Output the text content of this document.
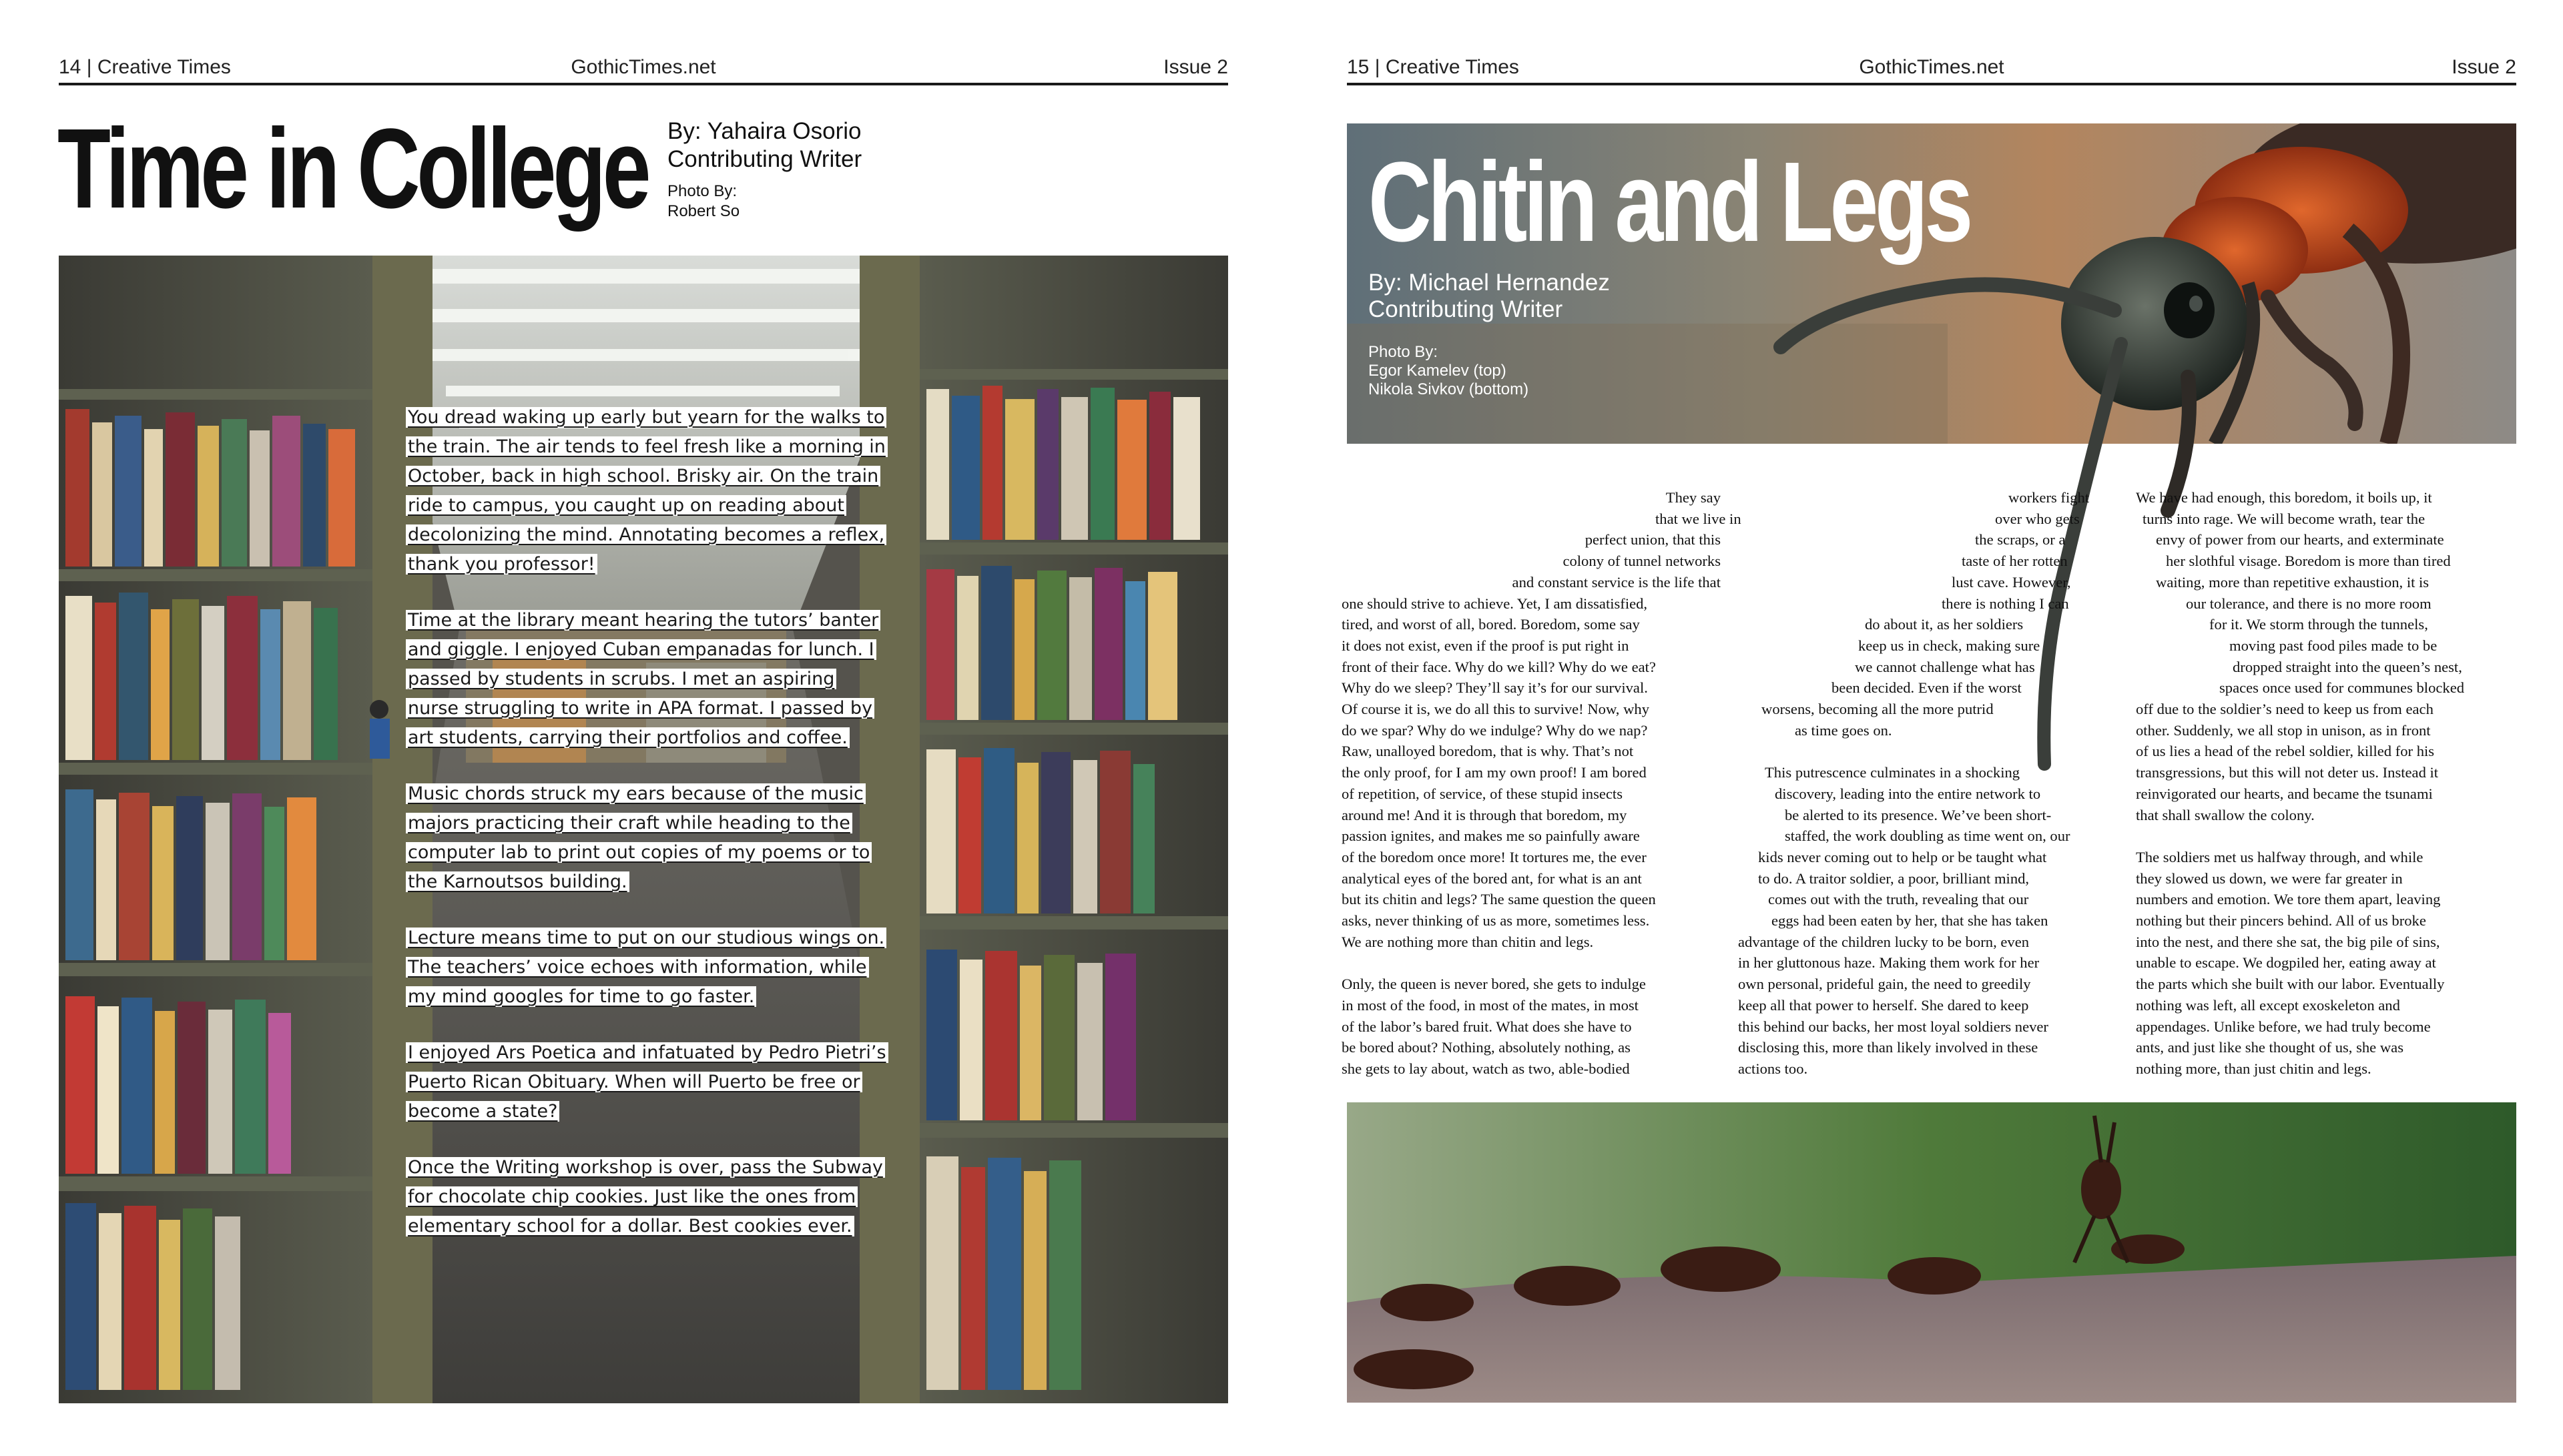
14 | Creative Times	GothicTimes.net	Issue 2
Time in College By: Yahaira Osorio
Contributing Writer
Photo By:
Robert So

You dread waking up early but yearn for the walks to the train. The air tends to feel fresh like a morning in October, back in high school. Brisky air. On the train ride to campus, you caught up on reading about decolonizing the mind. Annotating becomes a reflex, thank you professor!

Time at the library meant hearing the tutors’ banter and giggle. I enjoyed Cuban empanadas for lunch. I passed by students in scrubs. I met an aspiring nurse struggling to write in APA format. I passed by art students, carrying their portfolios and coffee.

Music chords struck my ears because of the music majors practicing their craft while heading to the computer lab to print out copies of my poems or to the Karnoutsos building.

Lecture means time to put on our studious wings on. The teachers’ voice echoes with information, while my mind googles for time to go faster.

I enjoyed Ars Poetica and infatuated by Pedro Pietri’s Puerto Rican Obituary. When will Puerto be free or become a state?

Once the Writing workshop is over, pass the Subway for chocolate chip cookies. Just like the ones from elementary school for a dollar. Best cookies ever.

15 | Creative Times	GothicTimes.net	Issue 2
Chitin and Legs
By: Michael Hernandez
Contributing Writer
Photo By:
Egor Kamelev (top)
Nikola Sivkov (bottom)
They say
that we live in
perfect union, that this
colony of tunnel networks
and constant service is the life that
one should strive to achieve. Yet, I am dissatisfied,
tired, and worst of all, bored. Boredom, some say
it does not exist, even if the proof is put right in
front of their face. Why do we kill? Why do we eat?
Why do we sleep? They’ll say it’s for our survival.
Of course it is, we do all this to survive! Now, why
do we spar? Why do we indulge? Why do we nap?
Raw, unalloyed boredom, that is why. That’s not
the only proof, for I am my own proof! I am bored
of repetition, of service, of these stupid insects
around me! And it is through that boredom, my
passion ignites, and makes me so painfully aware
of the boredom once more! It tortures me, the ever
analytical eyes of the bored ant, for what is an ant
but its chitin and legs? The same question the queen
asks, never thinking of us as more, sometimes less.
We are nothing more than chitin and legs.

Only, the queen is never bored, she gets to indulge
in most of the food, in most of the mates, in most
of the labor’s bared fruit. What does she have to
be bored about? Nothing, absolutely nothing, as
she gets to lay about, watch as two, able-bodied
workers fight
over who gets
the scraps, or a
taste of her rotten
lust cave. However,
there is nothing I can
do about it, as her soldiers
keep us in check, making sure
we cannot challenge what has
been decided. Even if the worst
worsens, becoming all the more putrid
as time goes on.

This putrescence culminates in a shocking
discovery, leading into the entire network to
be alerted to its presence. We’ve been short-
staffed, the work doubling as time went on, our
kids never coming out to help or be taught what
to do. A traitor soldier, a poor, brilliant mind,
comes out with the truth, revealing that our
eggs had been eaten by her, that she has taken
advantage of the children lucky to be born, even
in her gluttonous haze. Making them work for her
own personal, prideful gain, the need to greedily
keep all that power to herself. She dared to keep
this behind our backs, her most loyal soldiers never
disclosing this, more than likely involved in these
actions too.
We have had enough, this boredom, it boils up, it
turns into rage. We will become wrath, tear the
envy of power from our hearts, and exterminate
her slothful visage. Boredom is more than tired
waiting, more than repetitive exhaustion, it is
our tolerance, and there is no more room
for it. We storm through the tunnels,
moving past food piles made to be
dropped straight into the queen’s nest,
spaces once used for communes blocked
off due to the soldier’s need to keep us from each
other. Suddenly, we all stop in unison, as in front
of us lies a head of the rebel soldier, killed for his
transgressions, but this will not deter us. Instead it
reinvigorated our hearts, and became the tsunami
that shall swallow the colony.

The soldiers met us halfway through, and while
they slowed us down, we were far greater in
numbers and emotion. We tore them apart, leaving
nothing but their pincers behind. All of us broke
into the nest, and there she sat, the big pile of sins,
unable to escape. We dogpiled her, eating away at
the parts which she built with our labor. Eventually
nothing was left, all except exoskeleton and
appendages. Unlike before, we had truly become
ants, and just like she thought of us, she was
nothing more, than just chitin and legs.
